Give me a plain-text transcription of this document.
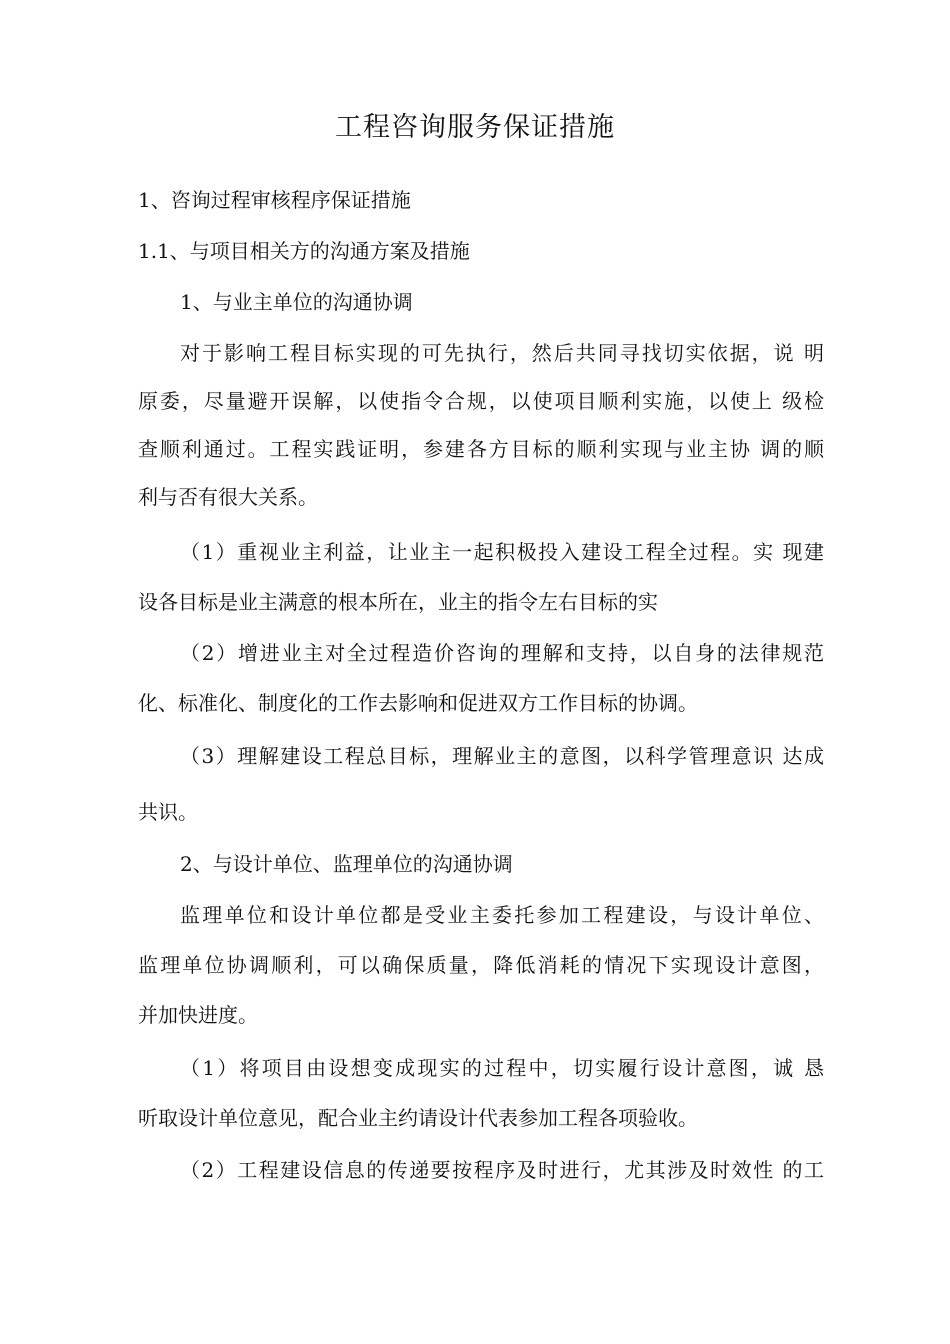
工程咨询服务保证措施
1、咨询过程审核程序保证措施
1.1、与项目相关方的沟通方案及措施
1、与业主单位的沟通协调
对于影响工程目标实现的可先执行，然后共同寻找切实依据，说 明
原委，尽量避开误解，以使指令合规，以使项目顺利实施，以使上 级检
查顺利通过。工程实践证明，参建各方目标的顺利实现与业主协 调的顺
利与否有很大关系。
（1）重视业主利益，让业主一起积极投入建设工程全过程。实 现建
设各目标是业主满意的根本所在，业主的指令左右目标的实
（2）增进业主对全过程造价咨询的理解和支持，以自身的法律规范
化、标准化、制度化的工作去影响和促进双方工作目标的协调。
（3）理解建设工程总目标，理解业主的意图，以科学管理意识 达成
共识。
2、与设计单位、监理单位的沟通协调
监理单位和设计单位都是受业主委托参加工程建设，与设计单位、
监理单位协调顺利，可以确保质量，降低消耗的情况下实现设计意图，
并加快进度。
（1）将项目由设想变成现实的过程中，切实履行设计意图，诚 恳
听取设计单位意见，配合业主约请设计代表参加工程各项验收。
（2）工程建设信息的传递要按程序及时进行，尤其涉及时效性 的工
